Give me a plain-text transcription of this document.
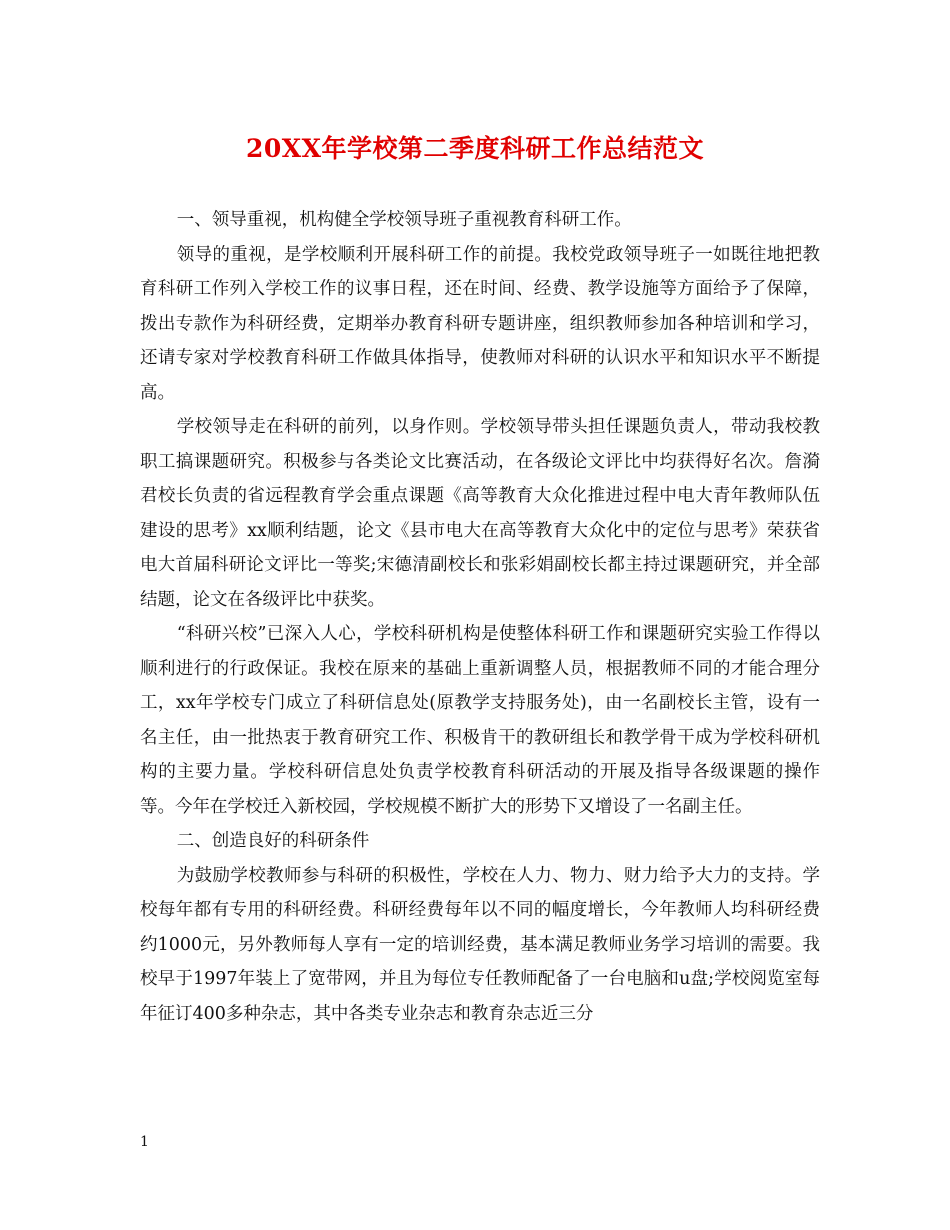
20XX年学校第二季度科研工作总结范文

一、领导重视，机构健全学校领导班子重视教育科研工作。

领导的重视，是学校顺利开展科研工作的前提。我校党政领导班子一如既往地把教育科研工作列入学校工作的议事日程，还在时间、经费、教学设施等方面给予了保障，拨出专款作为科研经费，定期举办教育科研专题讲座，组织教师参加各种培训和学习，还请专家对学校教育科研工作做具体指导，使教师对科研的认识水平和知识水平不断提高。

学校领导走在科研的前列，以身作则。学校领导带头担任课题负责人，带动我校教职工搞课题研究。积极参与各类论文比赛活动，在各级论文评比中均获得好名次。詹漪君校长负责的省远程教育学会重点课题《高等教育大众化推进过程中电大青年教师队伍建设的思考》xx顺利结题，论文《县市电大在高等教育大众化中的定位与思考》荣获省电大首届科研论文评比一等奖;宋德清副校长和张彩娟副校长都主持过课题研究，并全部结题，论文在各级评比中获奖。

“科研兴校”已深入人心，学校科研机构是使整体科研工作和课题研究实验工作得以顺利进行的行政保证。我校在原来的基础上重新调整人员，根据教师不同的才能合理分工，xx年学校专门成立了科研信息处(原教学支持服务处)，由一名副校长主管，设有一名主任，由一批热衷于教育研究工作、积极肯干的教研组长和教学骨干成为学校科研机构的主要力量。学校科研信息处负责学校教育科研活动的开展及指导各级课题的操作等。今年在学校迁入新校园，学校规模不断扩大的形势下又增设了一名副主任。

二、创造良好的科研条件

为鼓励学校教师参与科研的积极性，学校在人力、物力、财力给予大力的支持。学校每年都有专用的科研经费。科研经费每年以不同的幅度增长，今年教师人均科研经费约1000元，另外教师每人享有一定的培训经费，基本满足教师业务学习培训的需要。我校早于1997年装上了宽带网，并且为每位专任教师配备了一台电脑和u盘;学校阅览室每年征订400多种杂志，其中各类专业杂志和教育杂志近三分

1
